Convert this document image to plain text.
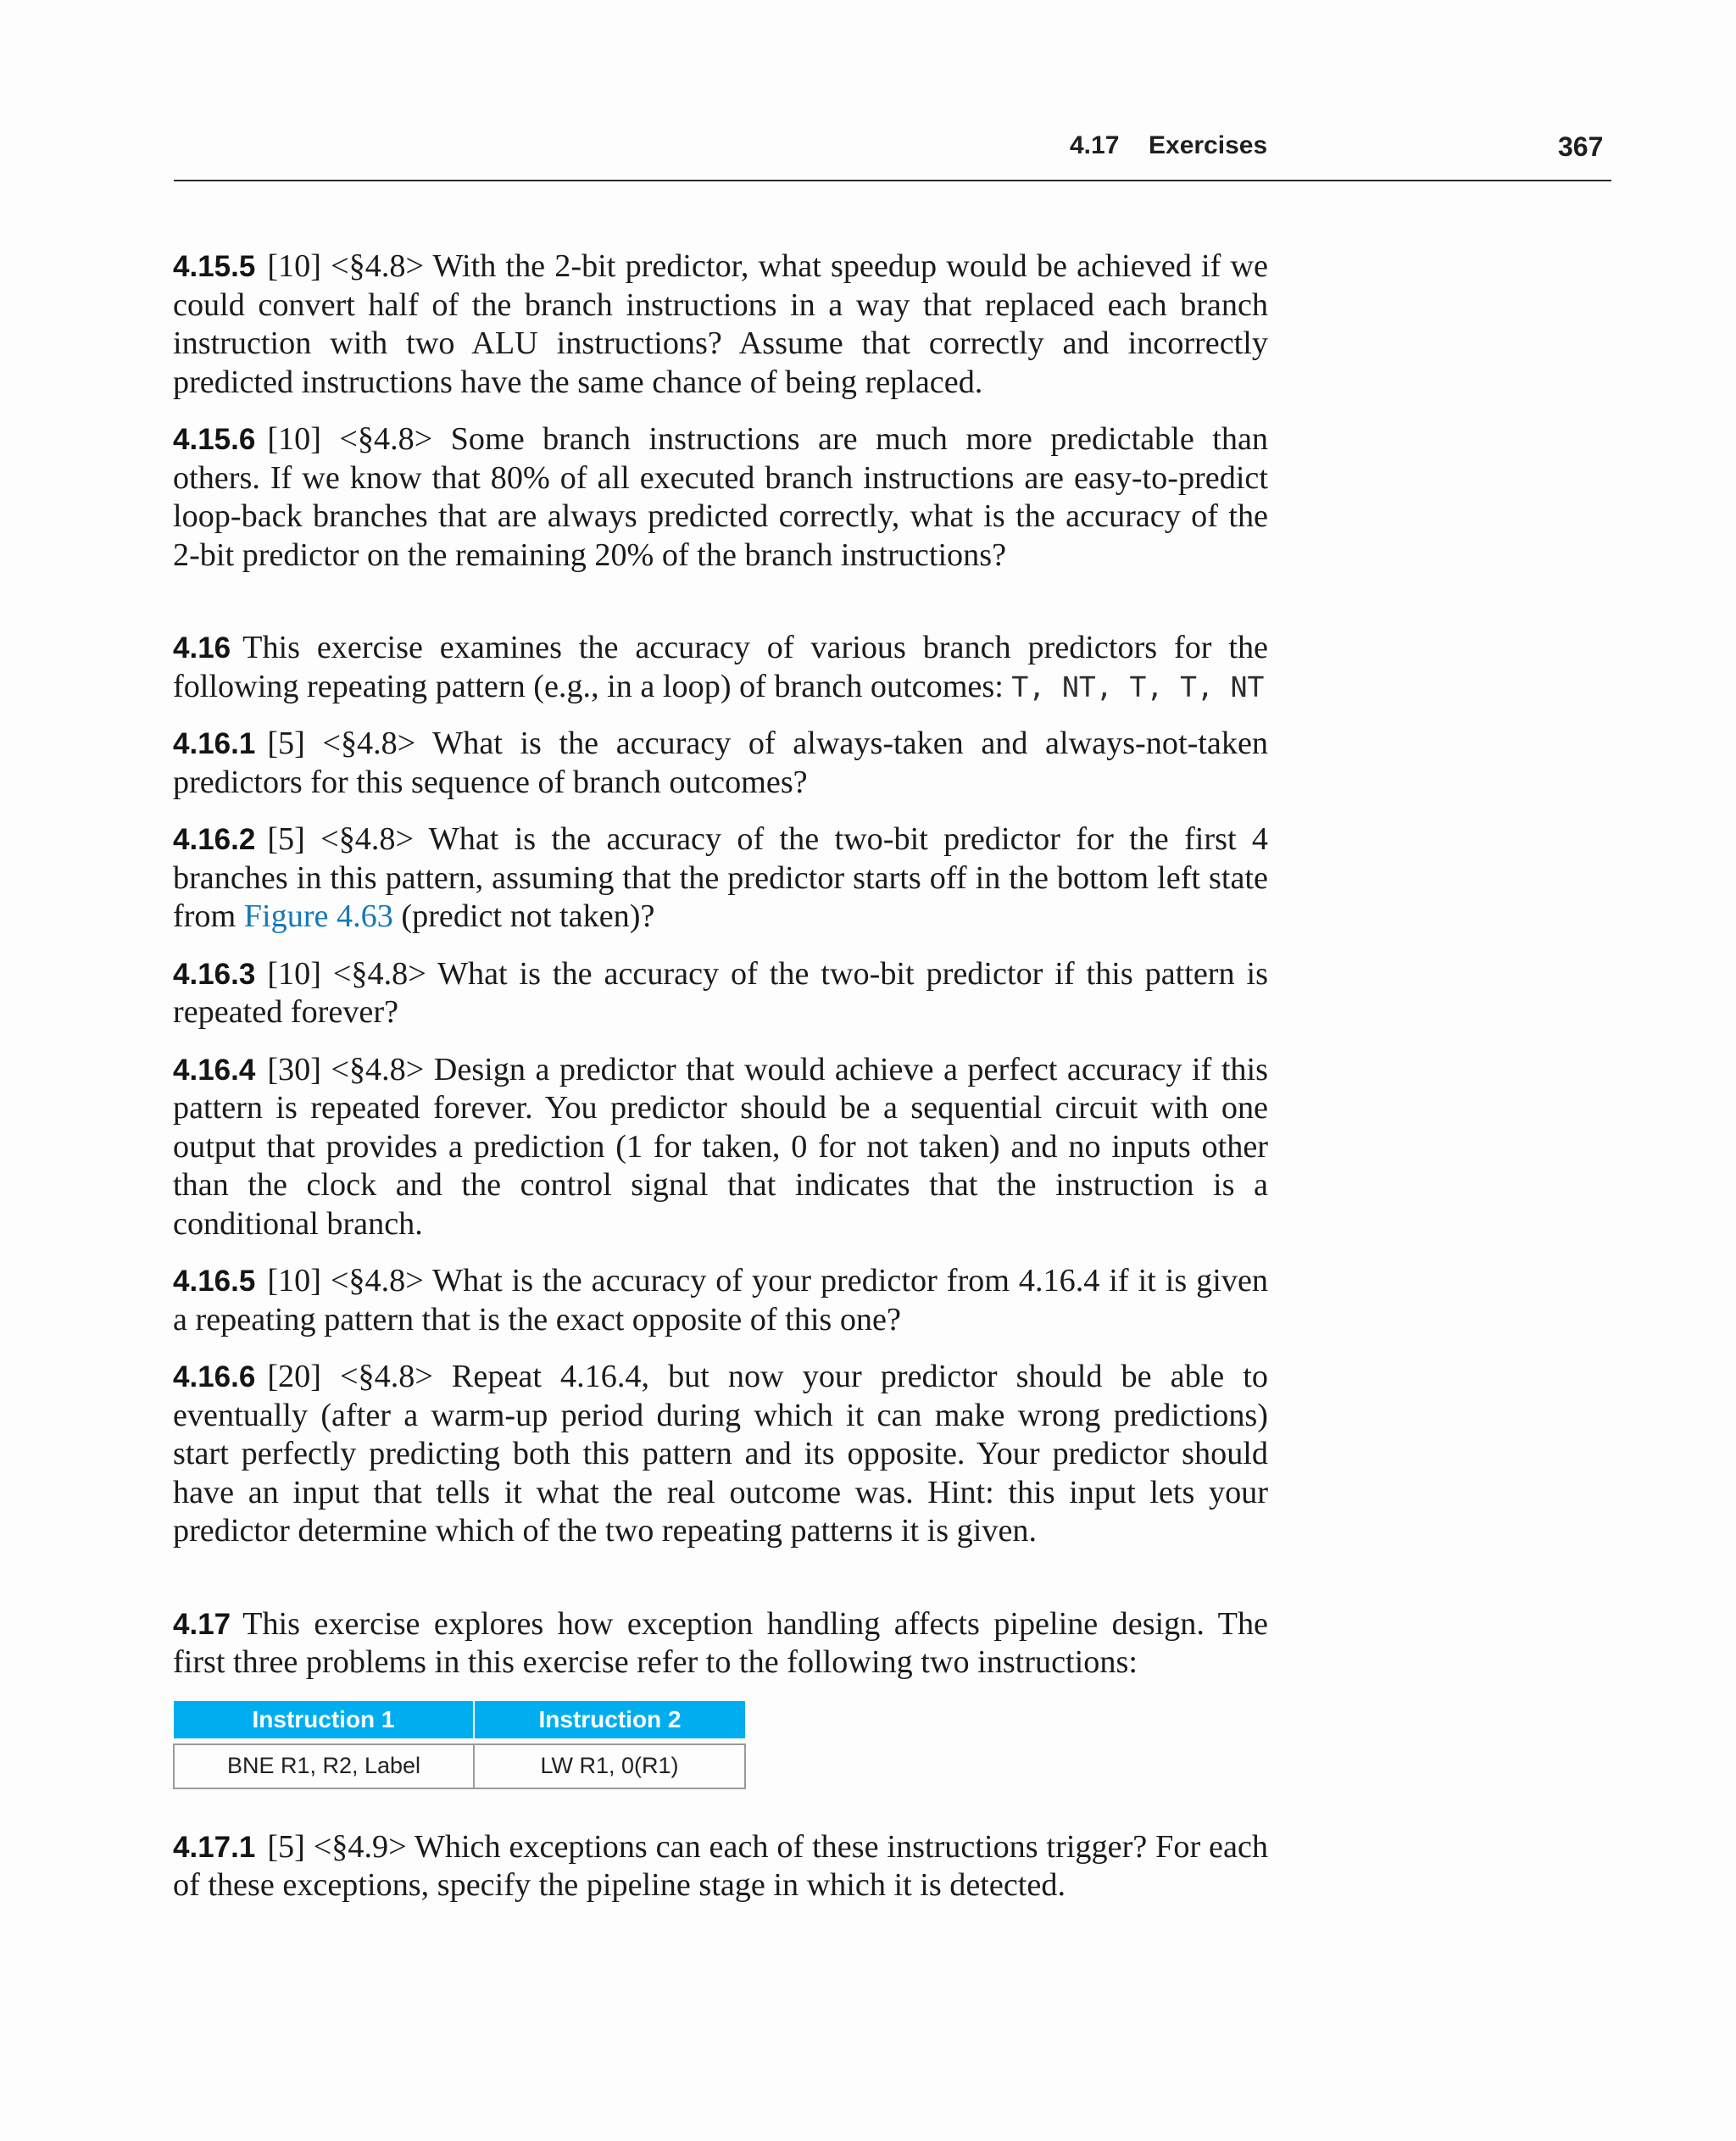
4.17 Exercises	367

4.15.5 [10] <§4.8> With the 2-bit predictor, what speedup would be achieved if we could convert half of the branch instructions in a way that replaced each branch instruction with two ALU instructions? Assume that correctly and incorrectly predicted instructions have the same chance of being replaced.

4.15.6 [10] <§4.8> Some branch instructions are much more predictable than others. If we know that 80% of all executed branch instructions are easy-to-predict loop-back branches that are always predicted correctly, what is the accuracy of the 2-bit predictor on the remaining 20% of the branch instructions?

4.16 This exercise examines the accuracy of various branch predictors for the following repeating pattern (e.g., in a loop) of branch outcomes: T, NT, T, T, NT

4.16.1 [5] <§4.8> What is the accuracy of always-taken and always-not-taken predictors for this sequence of branch outcomes?

4.16.2 [5] <§4.8> What is the accuracy of the two-bit predictor for the first 4 branches in this pattern, assuming that the predictor starts off in the bottom left state from Figure 4.63 (predict not taken)?

4.16.3 [10] <§4.8> What is the accuracy of the two-bit predictor if this pattern is repeated forever?

4.16.4 [30] <§4.8> Design a predictor that would achieve a perfect accuracy if this pattern is repeated forever. You predictor should be a sequential circuit with one output that provides a prediction (1 for taken, 0 for not taken) and no inputs other than the clock and the control signal that indicates that the instruction is a conditional branch.

4.16.5 [10] <§4.8> What is the accuracy of your predictor from 4.16.4 if it is given a repeating pattern that is the exact opposite of this one?

4.16.6 [20] <§4.8> Repeat 4.16.4, but now your predictor should be able to eventually (after a warm-up period during which it can make wrong predictions) start perfectly predicting both this pattern and its opposite. Your predictor should have an input that tells it what the real outcome was. Hint: this input lets your predictor determine which of the two repeating patterns it is given.

4.17 This exercise explores how exception handling affects pipeline design. The first three problems in this exercise refer to the following two instructions:

Instruction 1	Instruction 2

BNE R1, R2, Label	LW R1, 0(R1)

4.17.1 [5] <§4.9> Which exceptions can each of these instructions trigger? For each of these exceptions, specify the pipeline stage in which it is detected.
